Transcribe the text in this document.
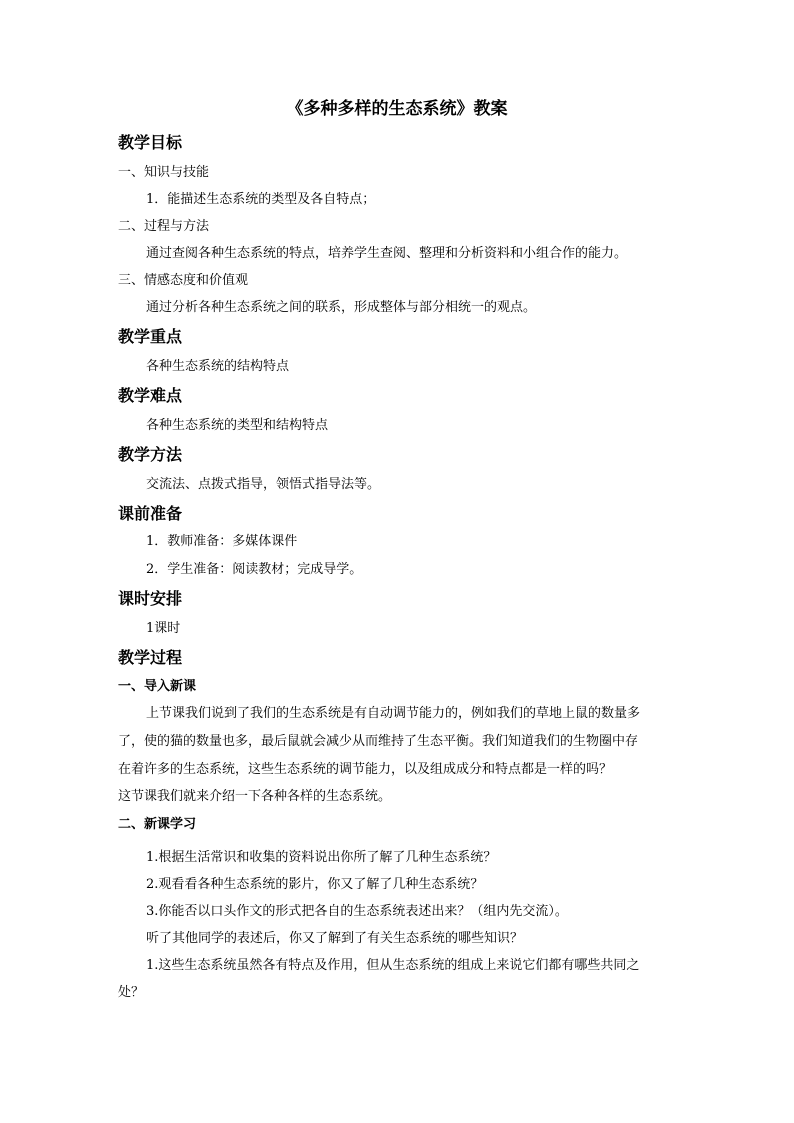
《多种多样的生态系统》教案
教学目标
一、知识与技能
1．能描述生态系统的类型及各自特点；
二、过程与方法
通过查阅各种生态系统的特点，培养学生查阅、整理和分析资料和小组合作的能力。
三、情感态度和价值观
通过分析各种生态系统之间的联系，形成整体与部分相统一的观点。
教学重点
各种生态系统的结构特点
教学难点
各种生态系统的类型和结构特点
教学方法
交流法、点拨式指导，领悟式指导法等。
课前准备
1．教师准备：多媒体课件
2．学生准备：阅读教材；完成导学。
课时安排
1课时
教学过程
一、导入新课
上节课我们说到了我们的生态系统是有自动调节能力的，例如我们的草地上鼠的数量多
了，使的猫的数量也多，最后鼠就会减少从而维持了生态平衡。我们知道我们的生物圈中存
在着许多的生态系统，这些生态系统的调节能力，以及组成成分和特点都是一样的吗？
这节课我们就来介绍一下各种各样的生态系统。
二、新课学习
1.根据生活常识和收集的资料说出你所了解了几种生态系统？
2.观看看各种生态系统的影片，你又了解了几种生态系统？
3.你能否以口头作文的形式把各自的生态系统表述出来？（组内先交流）。
听了其他同学的表述后，你又了解到了有关生态系统的哪些知识？
1.这些生态系统虽然各有特点及作用，但从生态系统的组成上来说它们都有哪些共同之
处？
